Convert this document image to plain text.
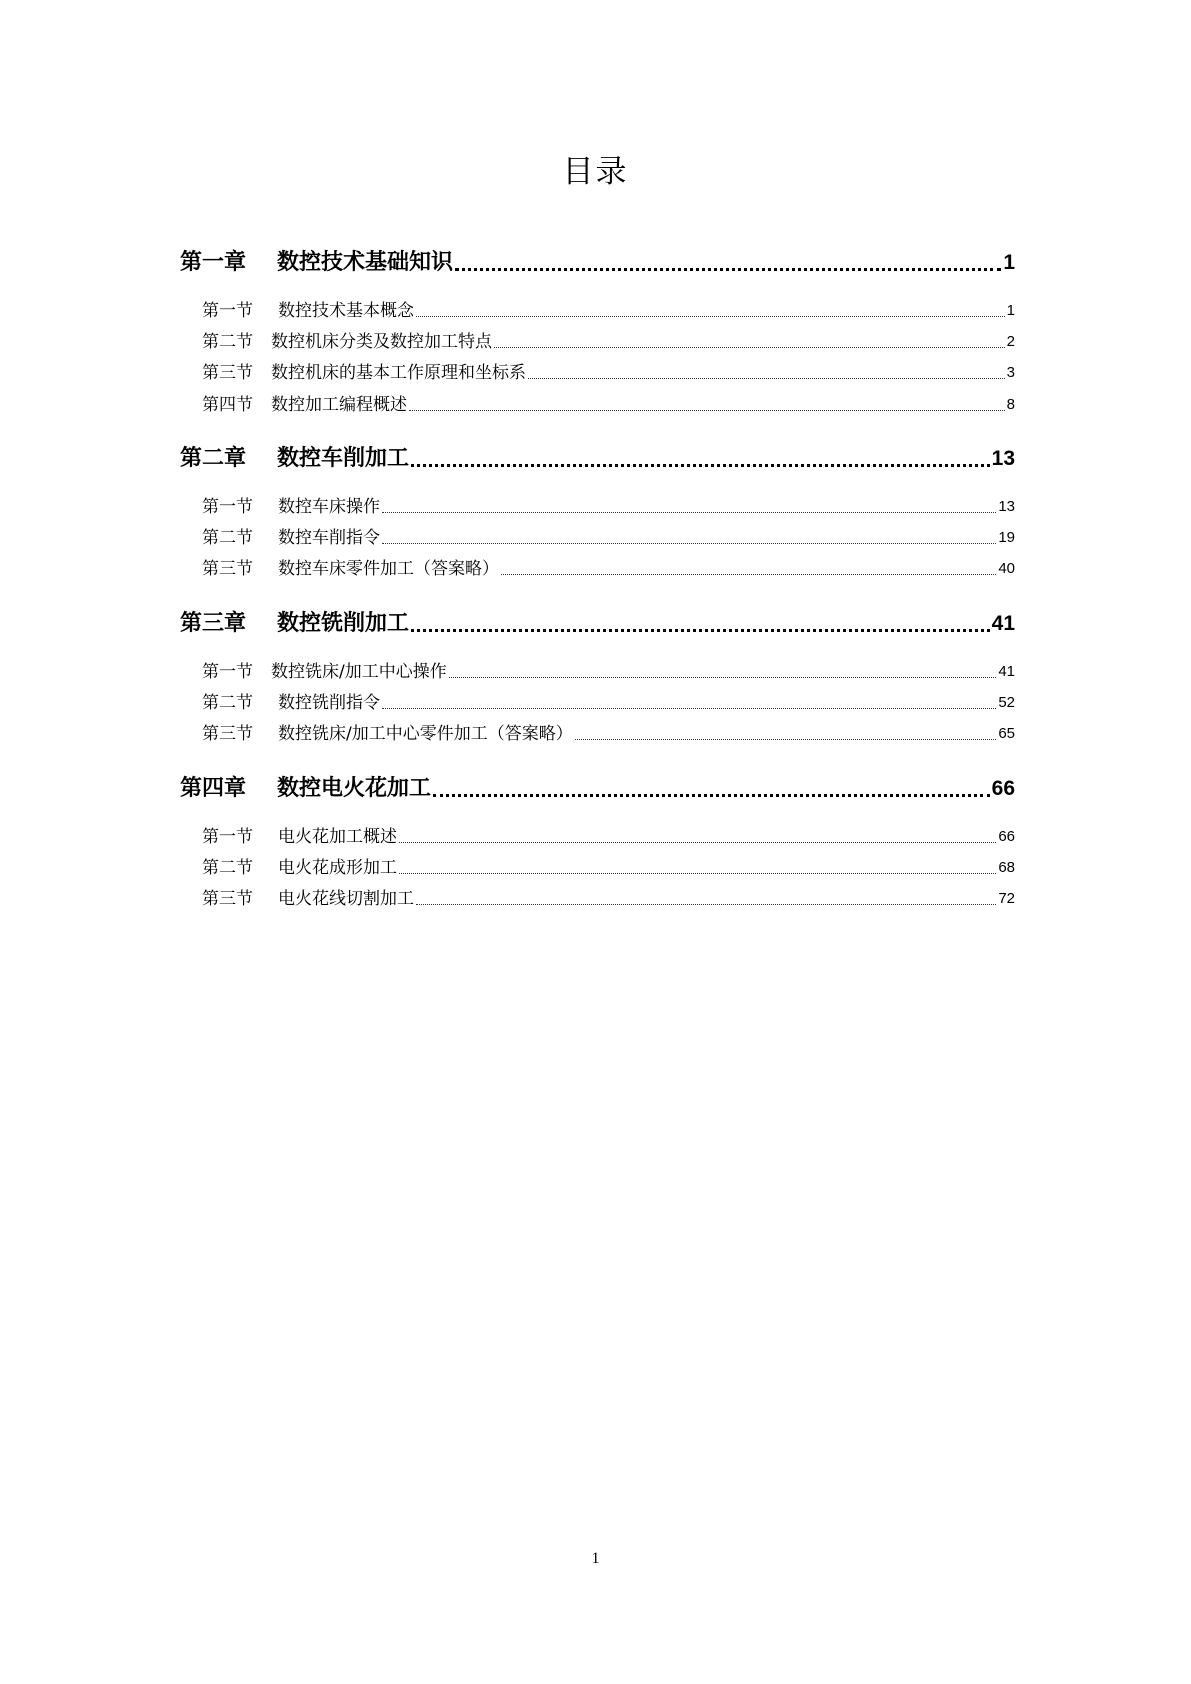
目录
第一章 数控技术基础知识	1
第一节 数控技术基本概念	1
第二节 数控机床分类及数控加工特点	2
第三节 数控机床的基本工作原理和坐标系	3
第四节 数控加工编程概述	8
第二章 数控车削加工	13
第一节 数控车床操作	13
第二节 数控车削指令	19
第三节 数控车床零件加工（答案略）	40
第三章 数控铣削加工	41
第一节 数控铣床/加工中心操作	41
第二节 数控铣削指令	52
第三节 数控铣床/加工中心零件加工（答案略）	65
第四章 数控电火花加工	66
第一节 电火花加工概述	66
第二节 电火花成形加工	68
第三节 电火花线切割加工	72
1
